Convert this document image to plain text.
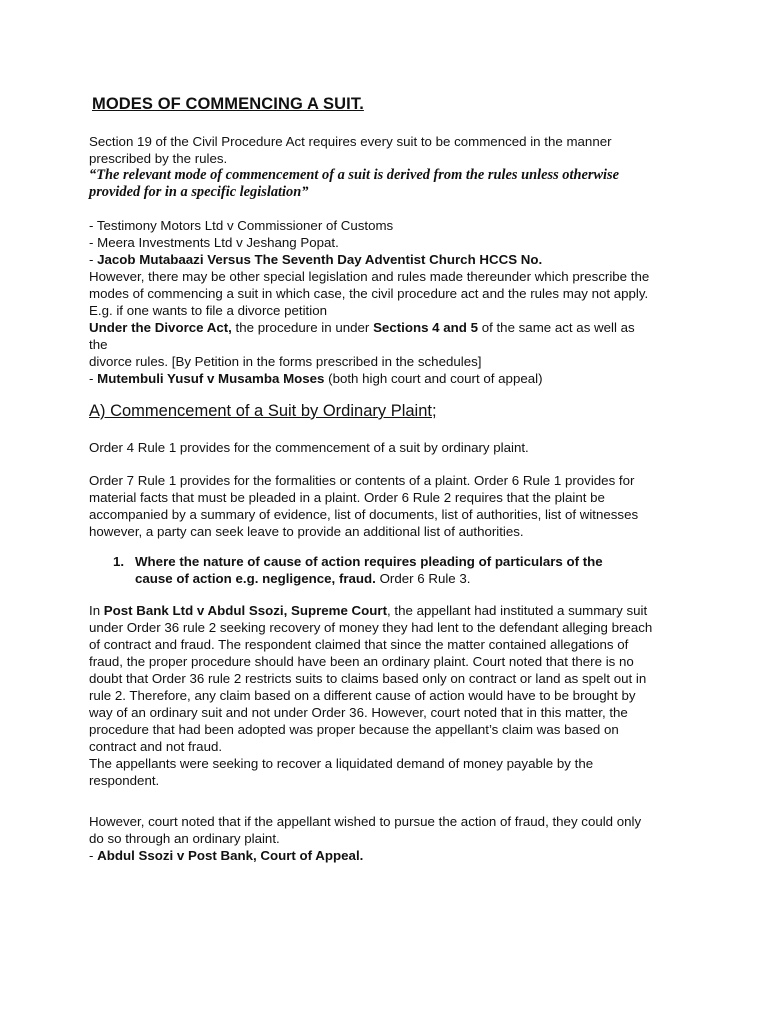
MODES OF COMMENCING A SUIT.
Section 19 of the Civil Procedure Act requires every suit to be commenced in the manner
prescribed by the rules.
“The relevant mode of commencement of a suit is derived from the rules unless otherwise
provided for in a specific legislation”
- Testimony Motors Ltd v Commissioner of Customs
- Meera Investments Ltd v Jeshang Popat.
- Jacob Mutabaazi Versus The Seventh Day Adventist Church HCCS No.
However, there may be other special legislation and rules made thereunder which prescribe the
modes of commencing a suit in which case, the civil procedure act and the rules may not apply.
E.g. if one wants to file a divorce petition
Under the Divorce Act, the procedure in under Sections 4 and 5 of the same act as well as
the
divorce rules. [By Petition in the forms prescribed in the schedules]
- Mutembuli Yusuf v Musamba Moses (both high court and court of appeal)
A) Commencement of a Suit by Ordinary Plaint;
Order 4 Rule 1 provides for the commencement of a suit by ordinary plaint.
Order 7 Rule 1 provides for the formalities or contents of a plaint. Order 6 Rule 1 provides for
material facts that must be pleaded in a plaint. Order 6 Rule 2 requires that the plaint be
accompanied by a summary of evidence, list of documents, list of authorities, list of witnesses
however, a party can seek leave to provide an additional list of authorities.
1. Where the nature of cause of action requires pleading of particulars of the
cause of action e.g. negligence, fraud. Order 6 Rule 3.
In Post Bank Ltd v Abdul Ssozi, Supreme Court, the appellant had instituted a summary suit
under Order 36 rule 2 seeking recovery of money they had lent to the defendant alleging breach
of contract and fraud. The respondent claimed that since the matter contained allegations of
fraud, the proper procedure should have been an ordinary plaint. Court noted that there is no
doubt that Order 36 rule 2 restricts suits to claims based only on contract or land as spelt out in
rule 2. Therefore, any claim based on a different cause of action would have to be brought by
way of an ordinary suit and not under Order 36. However, court noted that in this matter, the
procedure that had been adopted was proper because the appellant’s claim was based on
contract and not fraud.
The appellants were seeking to recover a liquidated demand of money payable by the
respondent.
However, court noted that if the appellant wished to pursue the action of fraud, they could only
do so through an ordinary plaint.
- Abdul Ssozi v Post Bank, Court of Appeal.
